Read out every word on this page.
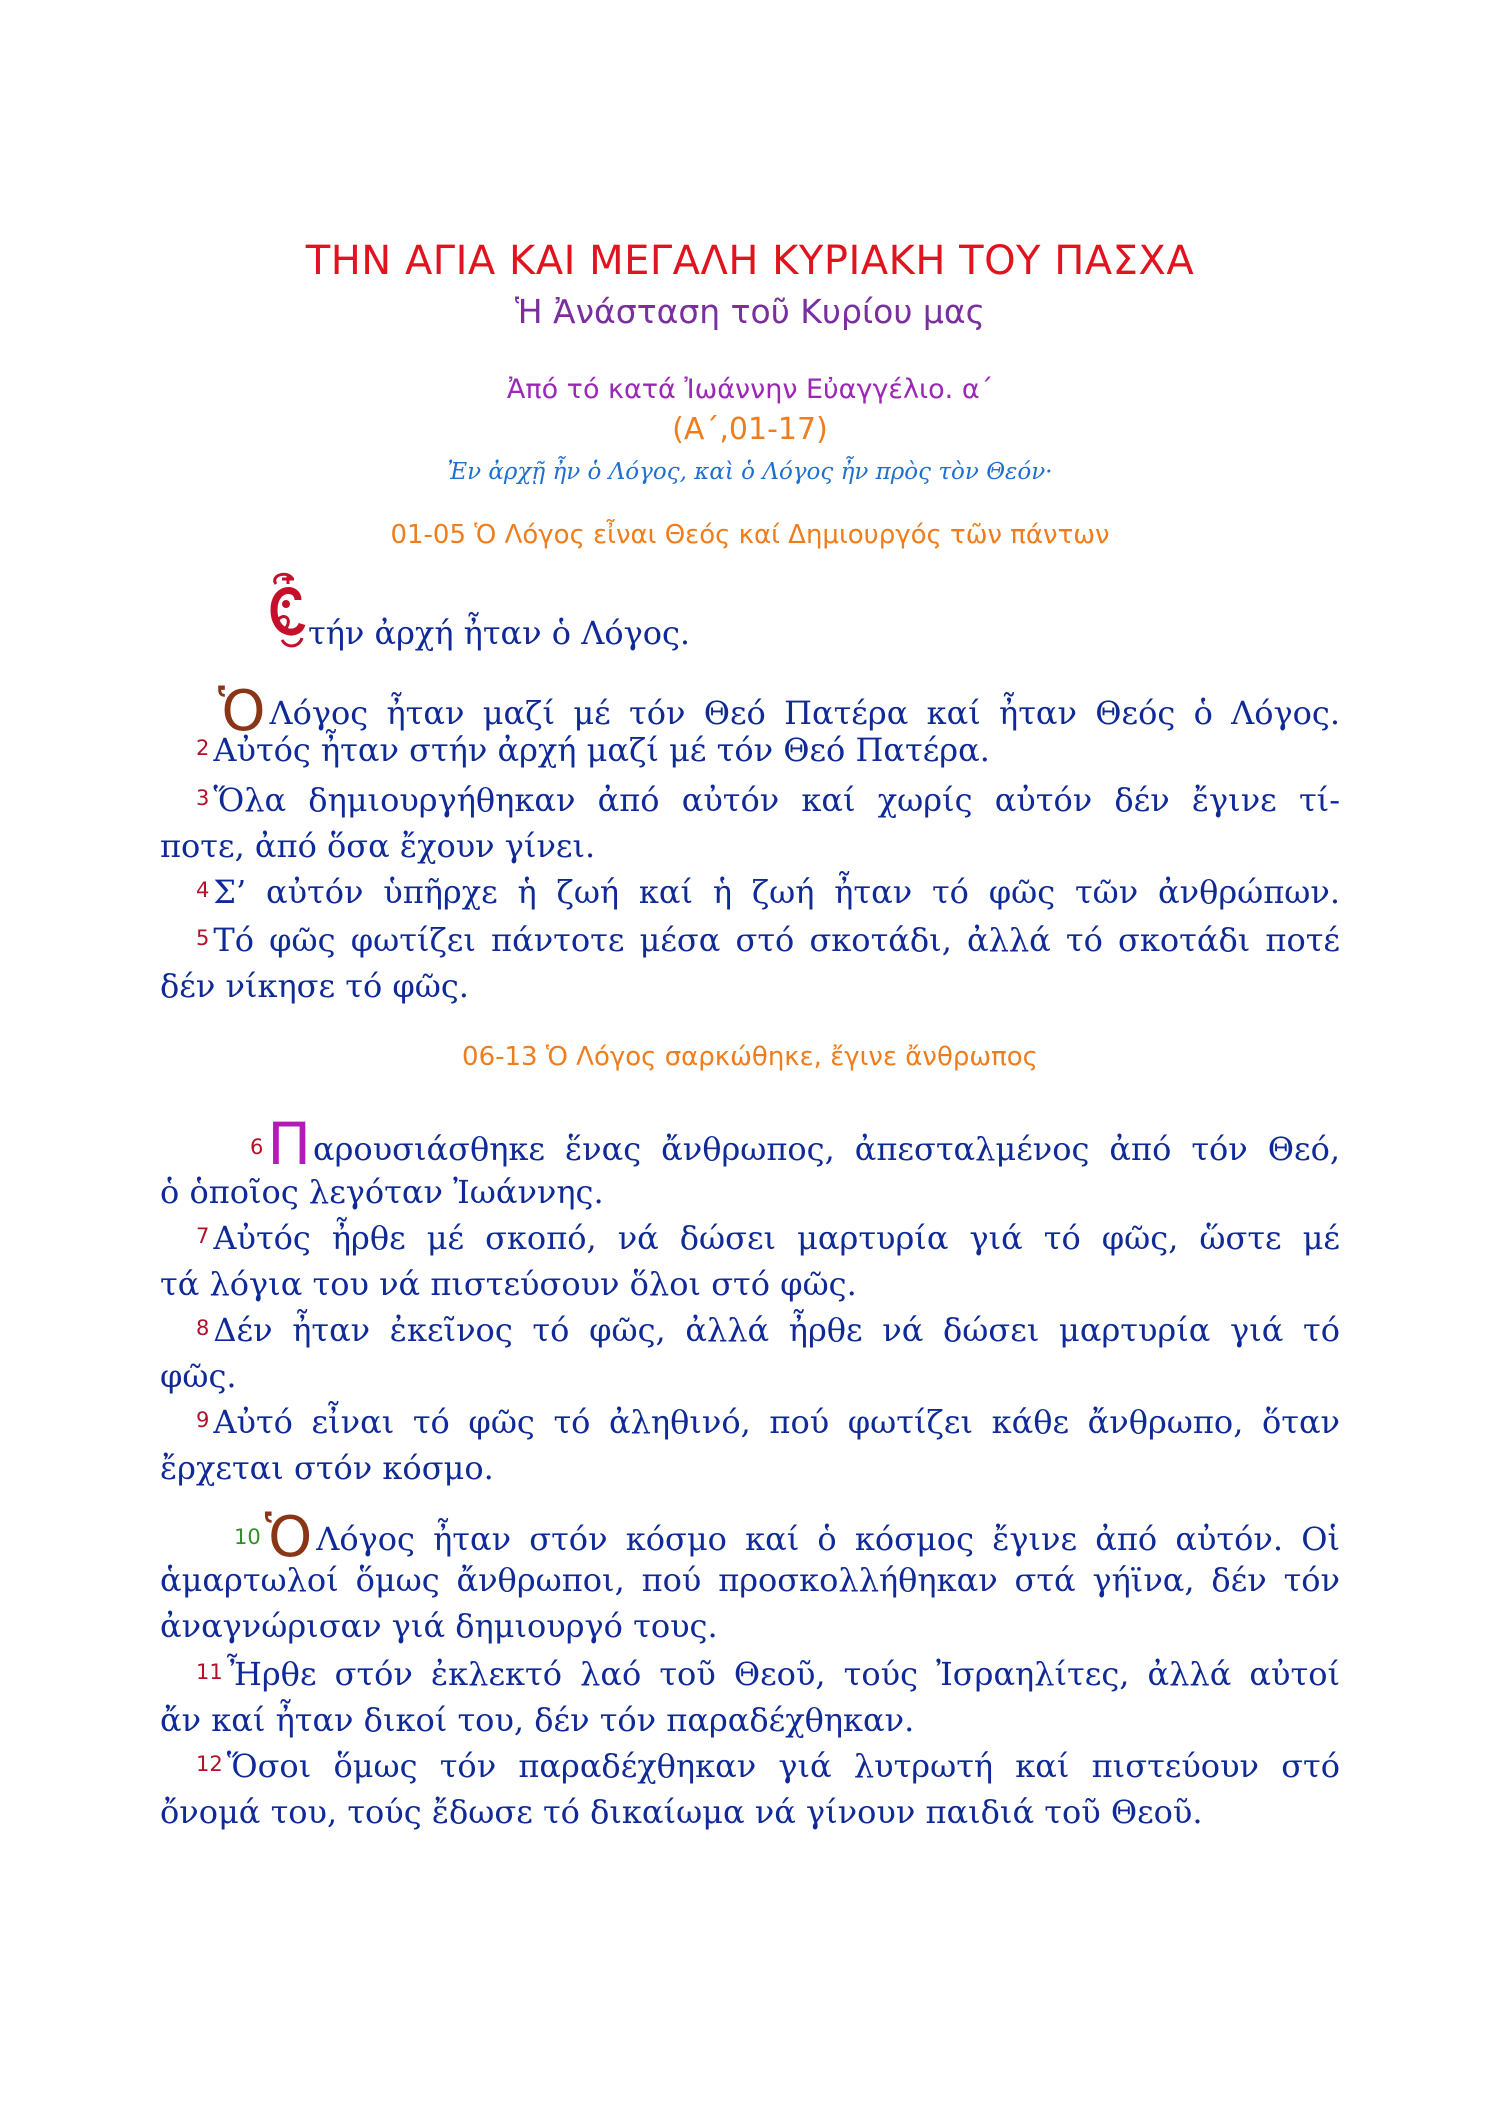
ΤΗΝ ΑΓΙΑ ΚΑΙ ΜΕΓΑΛΗ ΚΥΡΙΑΚΗ ΤΟΥ ΠΑΣΧΑ
Ἡ Ἀνάσταση τοῦ Κυρίου μας
Ἀπό τό κατά Ἰωάννην Εὐαγγέλιο. α΄
(Α΄,01-17)
Ἐν ἀρχῇ ἦν ὁ Λόγος, καὶ ὁ Λόγος ἦν πρὸς τὸν Θεόν·
01-05 Ὁ Λόγος εἶναι Θεός καί Δημιουργός τῶν πάντων
τήν ἀρχή ἦταν ὁ Λόγος.
Ὁ Λόγος ἦταν μαζί μέ τόν Θεό Πατέρα καί ἦταν Θεός ὁ Λόγος.
2 Αὐτός ἦταν στήν ἀρχή μαζί μέ τόν Θεό Πατέρα.
3 Ὅλα δημιουργήθηκαν ἀπό αὐτόν καί χωρίς αὐτόν δέν ἔγινε τί-
ποτε, ἀπό ὅσα ἔχουν γίνει.
4 Σ’ αὐτόν ὑπῆρχε ἡ ζωή καί ἡ ζωή ἦταν τό φῶς τῶν ἀνθρώπων.
5 Τό φῶς φωτίζει πάντοτε μέσα στό σκοτάδι, ἀλλά τό σκοτάδι ποτέ
δέν νίκησε τό φῶς.
06-13 Ὁ Λόγος σαρκώθηκε, ἔγινε ἄνθρωπος
6Παρουσιάσθηκε ἕνας ἄνθρωπος, ἀπεσταλμένος ἀπό τόν Θεό,
ὁ ὁποῖος λεγόταν Ἰωάννης.
7 Αὐτός ἦρθε μέ σκοπό, νά δώσει μαρτυρία γιά τό φῶς, ὥστε μέ
τά λόγια του νά πιστεύσουν ὅλοι στό φῶς.
8 Δέν ἦταν ἐκεῖνος τό φῶς, ἀλλά ἦρθε νά δώσει μαρτυρία γιά τό
φῶς.
9 Αὐτό εἶναι τό φῶς τό ἀληθινό, πού φωτίζει κάθε ἄνθρωπο, ὅταν
ἔρχεται στόν κόσμο.
10Ὁ Λόγος ἦταν στόν κόσμο καί ὁ κόσμος ἔγινε ἀπό αὐτόν. Οἱ
ἁμαρτωλοί ὅμως ἄνθρωποι, πού προσκολλήθηκαν στά γήϊνα, δέν τόν
ἀναγνώρισαν γιά δημιουργό τους.
11 Ἦρθε στόν ἐκλεκτό λαό τοῦ Θεοῦ, τούς Ἰσραηλίτες, ἀλλά αὐτοί
ἄν καί ἦταν δικοί του, δέν τόν παραδέχθηκαν.
12 Ὅσοι ὅμως τόν παραδέχθηκαν γιά λυτρωτή καί πιστεύουν στό
ὄνομά του, τούς ἔδωσε τό δικαίωμα νά γίνουν παιδιά τοῦ Θεοῦ.
